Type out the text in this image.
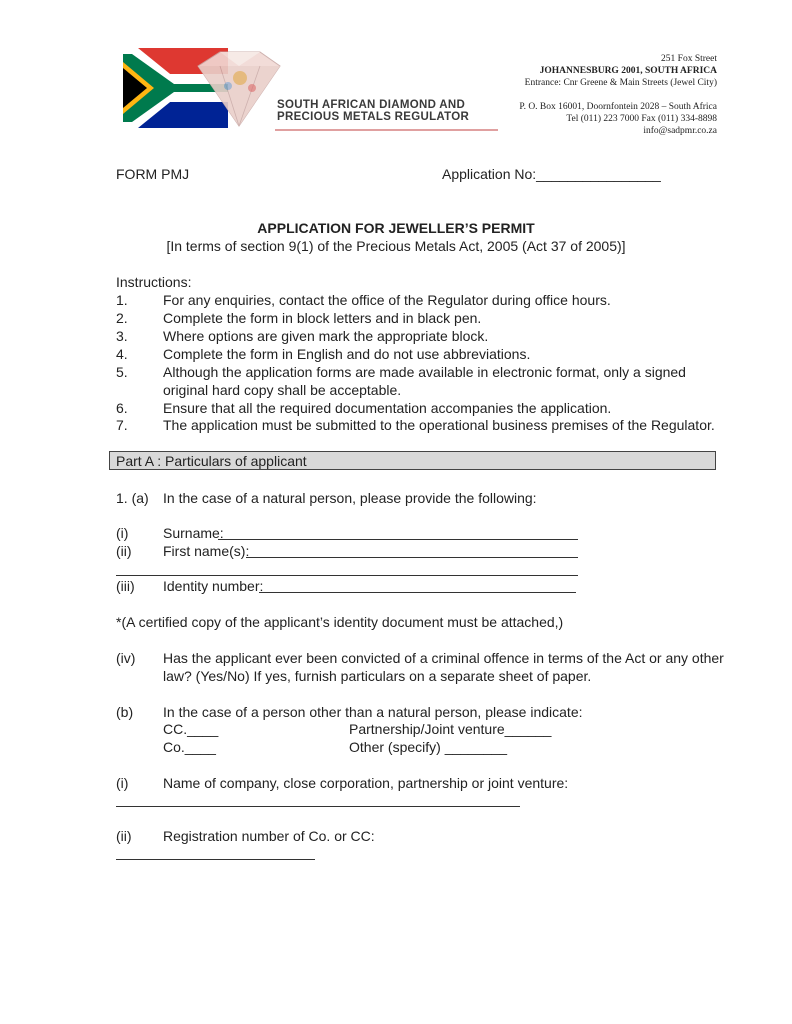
SOUTH AFRICAN DIAMOND AND
PRECIOUS METALS REGULATOR
251 Fox Street
JOHANNESBURG 2001, SOUTH AFRICA
Entrance: Cnr Greene & Main Streets (Jewel City)
P. O. Box 16001, Doornfontein 2028 – South Africa
Tel (011) 223 7000 Fax (011) 334-8898
info@sadpmr.co.za
FORM PMJ	Application No:________________
APPLICATION FOR JEWELLER’S PERMIT
[In terms of section 9(1) of the Precious Metals Act, 2005 (Act 37 of 2005)]
Instructions:
1.	For any enquiries, contact the office of the Regulator during office hours.
2.	Complete the form in block letters and in black pen.
3.	Where options are given mark the appropriate block.
4.	Complete the form in English and do not use abbreviations.
5.	Although the application forms are made available in electronic format, only a signed
original hard copy shall be acceptable.
6.	Ensure that all the required documentation accompanies the application.
7.	The application must be submitted to the operational business premises of the Regulator.
Part A : Particulars of applicant
1. (a) In the case of a natural person, please provide the following:
(i) Surname:
(ii) First name(s):
(iii) Identity number:
*(A certified copy of the applicant’s identity document must be attached,)
(iv) Has the applicant ever been convicted of a criminal offence in terms of the Act or any other
law? (Yes/No) If yes, furnish particulars on a separate sheet of paper.
(b) In the case of a person other than a natural person, please indicate:
CC.____	Partnership/Joint venture______
Co.____	Other (specify) ________
(i) Name of company, close corporation, partnership or joint venture:
(ii) Registration number of Co. or CC:
